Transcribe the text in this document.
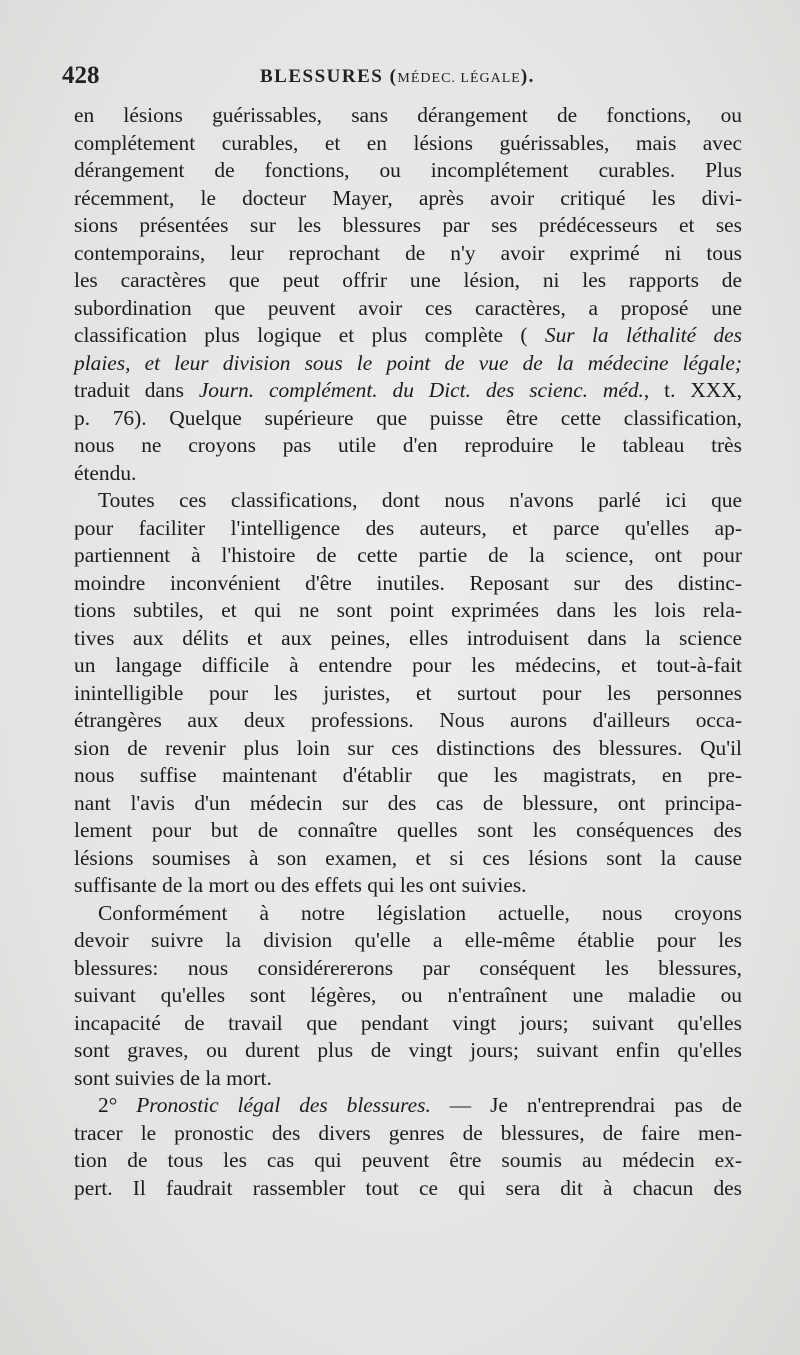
428	BLESSURES (MÉDEC. LÉGALE).
en lésions guérissables, sans dérangement de fonctions, ou
complétement curables, et en lésions guérissables, mais avec
dérangement de fonctions, ou incomplétement curables. Plus
récemment, le docteur Mayer, après avoir critiqué les divi-
sions présentées sur les blessures par ses prédécesseurs et ses
contemporains, leur reprochant de n'y avoir exprimé ni tous
les caractères que peut offrir une lésion, ni les rapports de
subordination que peuvent avoir ces caractères, a proposé une
classification plus logique et plus complète ( Sur la léthalité des
plaies, et leur division sous le point de vue de la médecine légale;
traduit dans Journ. complément. du Dict. des scienc. méd., t. XXX,
p. 76). Quelque supérieure que puisse être cette classification,
nous ne croyons pas utile d'en reproduire le tableau très
étendu.
Toutes ces classifications, dont nous n'avons parlé ici que
pour faciliter l'intelligence des auteurs, et parce qu'elles ap-
partiennent à l'histoire de cette partie de la science, ont pour
moindre inconvénient d'être inutiles. Reposant sur des distinc-
tions subtiles, et qui ne sont point exprimées dans les lois rela-
tives aux délits et aux peines, elles introduisent dans la science
un langage difficile à entendre pour les médecins, et tout-à-fait
inintelligible pour les juristes, et surtout pour les personnes
étrangères aux deux professions. Nous aurons d'ailleurs occa-
sion de revenir plus loin sur ces distinctions des blessures. Qu'il
nous suffise maintenant d'établir que les magistrats, en pre-
nant l'avis d'un médecin sur des cas de blessure, ont principa-
lement pour but de connaître quelles sont les conséquences des
lésions soumises à son examen, et si ces lésions sont la cause
suffisante de la mort ou des effets qui les ont suivies.
Conformément à notre législation actuelle, nous croyons
devoir suivre la division qu'elle a elle-même établie pour les
blessures: nous considérererons par conséquent les blessures,
suivant qu'elles sont légères, ou n'entraînent une maladie ou
incapacité de travail que pendant vingt jours; suivant qu'elles
sont graves, ou durent plus de vingt jours; suivant enfin qu'elles
sont suivies de la mort.
2° Pronostic légal des blessures. — Je n'entreprendrai pas de
tracer le pronostic des divers genres de blessures, de faire men-
tion de tous les cas qui peuvent être soumis au médecin ex-
pert. Il faudrait rassembler tout ce qui sera dit à chacun des
